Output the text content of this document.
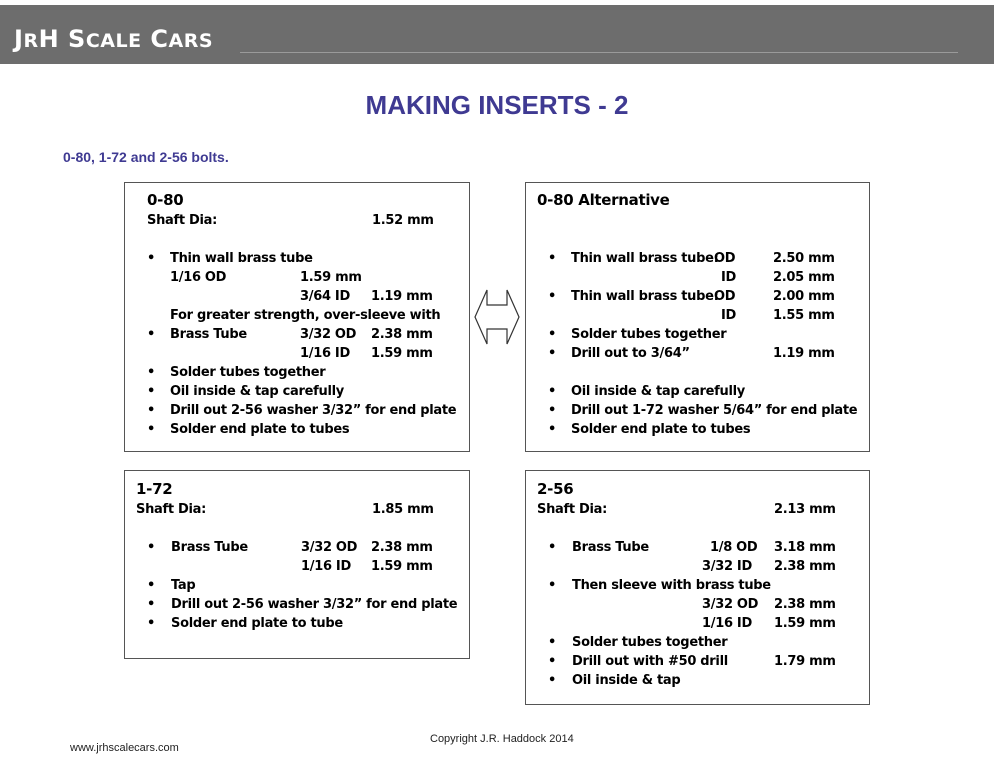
JRH SCALE CARS
MAKING INSERTS - 2
0-80, 1-72 and 2-56 bolts.
0-80
Shaft Dia:	1.52 mm
• Thin wall brass tube
1/16 OD	1.59 mm
3/64 ID 1.19 mm
For greater strength, over-sleeve with
• Brass Tube	3/32 OD 2.38 mm
1/16 ID 1.59 mm
• Solder tubes together
• Oil inside & tap carefully
• Drill out 2-56 washer 3/32” for end plate
• Solder end plate to tubes
0-80 Alternative
• Thin wall brass tube:
OD	2.50 mm
ID	2.05 mm
• Thin wall brass tube:
OD	2.00 mm
ID	1.55 mm
• Solder tubes together
• Drill out to 3/64”	1.19 mm
• Oil inside & tap carefully
• Drill out 1-72 washer 5/64” for end plate
• Solder end plate to tubes
1-72
Shaft Dia:	1.85 mm
• Brass Tube	3/32 OD 2.38 mm
1/16 ID 1.59 mm
• Tap
• Drill out 2-56 washer 3/32” for end plate
• Solder end plate to tube
2-56
Shaft Dia:	2.13 mm
• Brass Tube	1/8 OD 3.18 mm
3/32 ID 2.38 mm
• Then sleeve with brass tube
3/32 OD 2.38 mm
1/16 ID 1.59 mm
• Solder tubes together
• Drill out with #50 drill	1.79 mm
• Oil inside & tap
Copyright J.R. Haddock 2014
www.jrhscalecars.com
